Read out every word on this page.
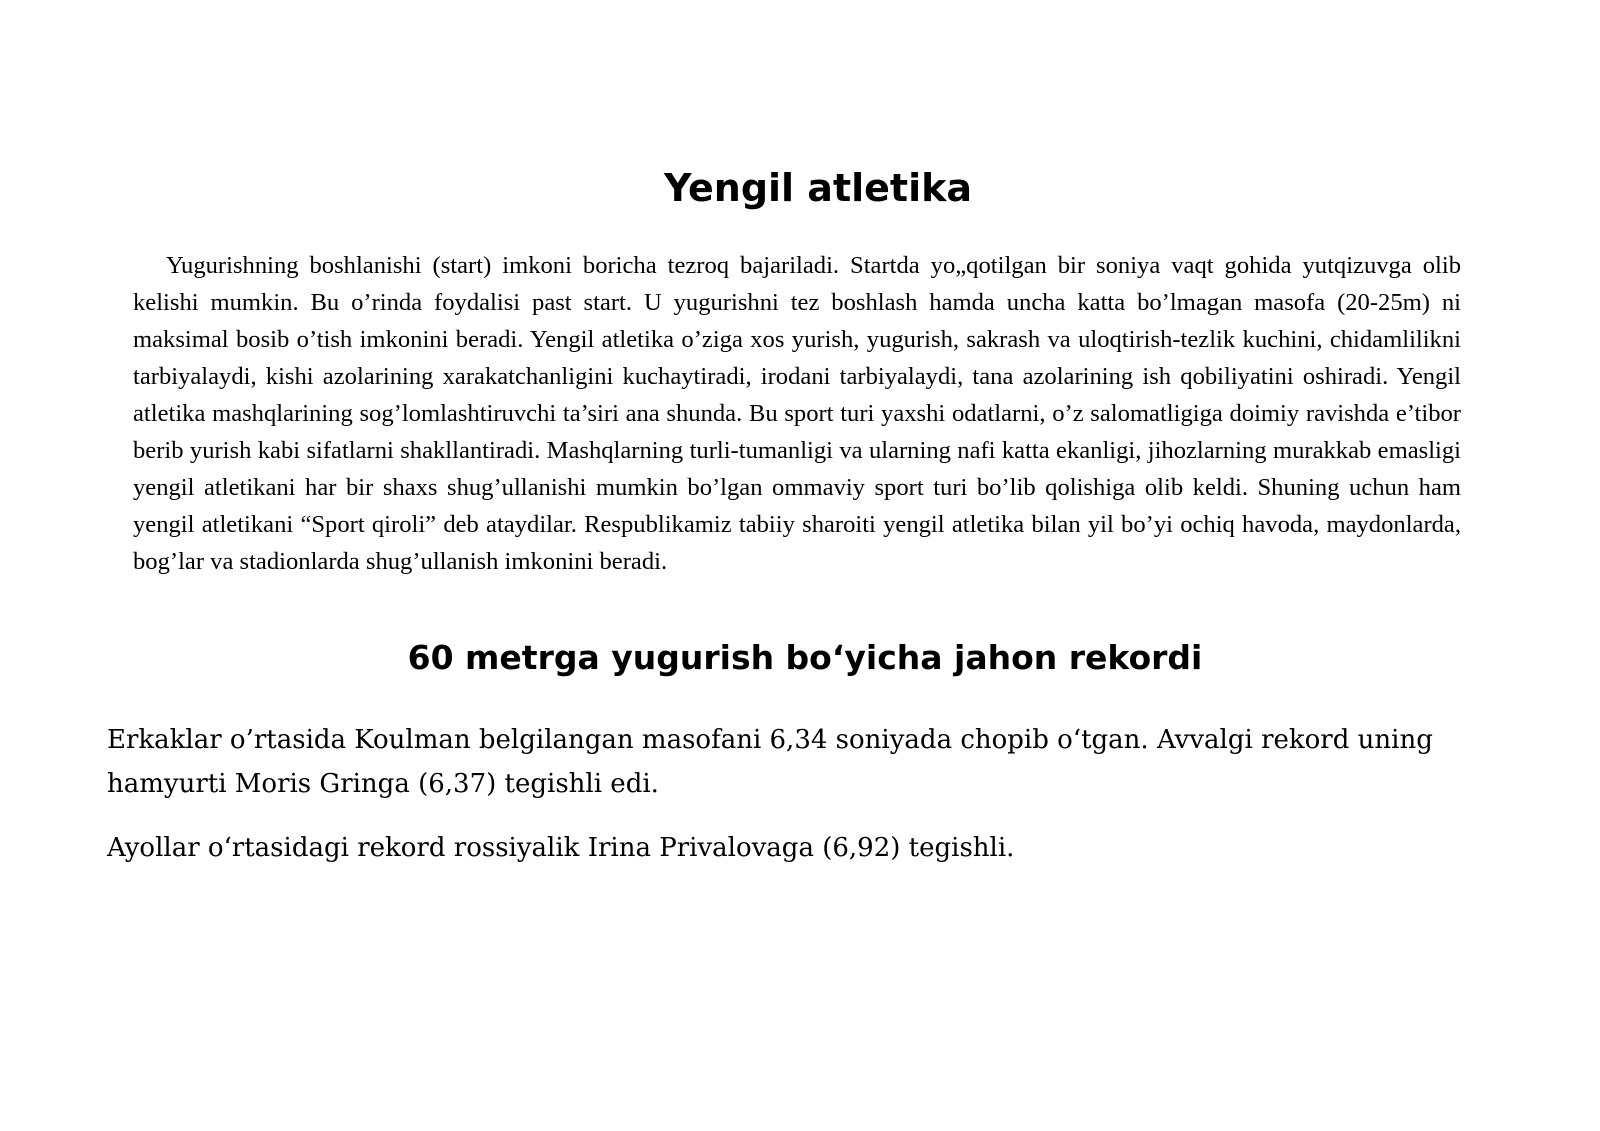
Yengil atletika

Yugurishning boshlanishi (start) imkoni boricha tezroq bajariladi. Startda yo„qotilgan bir soniya vaqt gohida yutqizuvga olib kelishi mumkin. Bu o’rinda foydalisi past start. U yugurishni tez boshlash hamda uncha katta bo’lmagan masofa (20-25m) ni maksimal bosib o’tish imkonini beradi. Yengil atletika o’ziga xos yurish, yugurish, sakrash va uloqtirish-tezlik kuchini, chidamlilikni tarbiyalaydi, kishi azolarining xarakatchanligini kuchaytiradi, irodani tarbiyalaydi, tana azolarining ish qobiliyatini oshiradi. Yengil atletika mashqlarining sog’lomlashtiruvchi ta’siri ana shunda. Bu sport turi yaxshi odatlarni, o’z salomatligiga doimiy ravishda e’tibor berib yurish kabi sifatlarni shakllantiradi. Mashqlarning turli-tumanligi va ularning nafi katta ekanligi, jihozlarning murakkab emasligi yengil atletikani har bir shaxs shug’ullanishi mumkin bo’lgan ommaviy sport turi bo’lib qolishiga olib keldi. Shuning uchun ham yengil atletikani “Sport qiroli” deb ataydilar. Respublikamiz tabiiy sharoiti yengil atletika bilan yil bo’yi ochiq havoda, maydonlarda, bog’lar va stadionlarda shug’ullanish imkonini beradi.

60 metrga yugurish bo‘yicha jahon rekordi

Erkaklar o’rtasida Koulman belgilangan masofani 6,34 soniyada chopib o‘tgan. Avvalgi rekord uning hamyurti Moris Gringa (6,37) tegishli edi.

Ayollar o‘rtasidagi rekord rossiyalik Irina Privalovaga (6,92) tegishli.
